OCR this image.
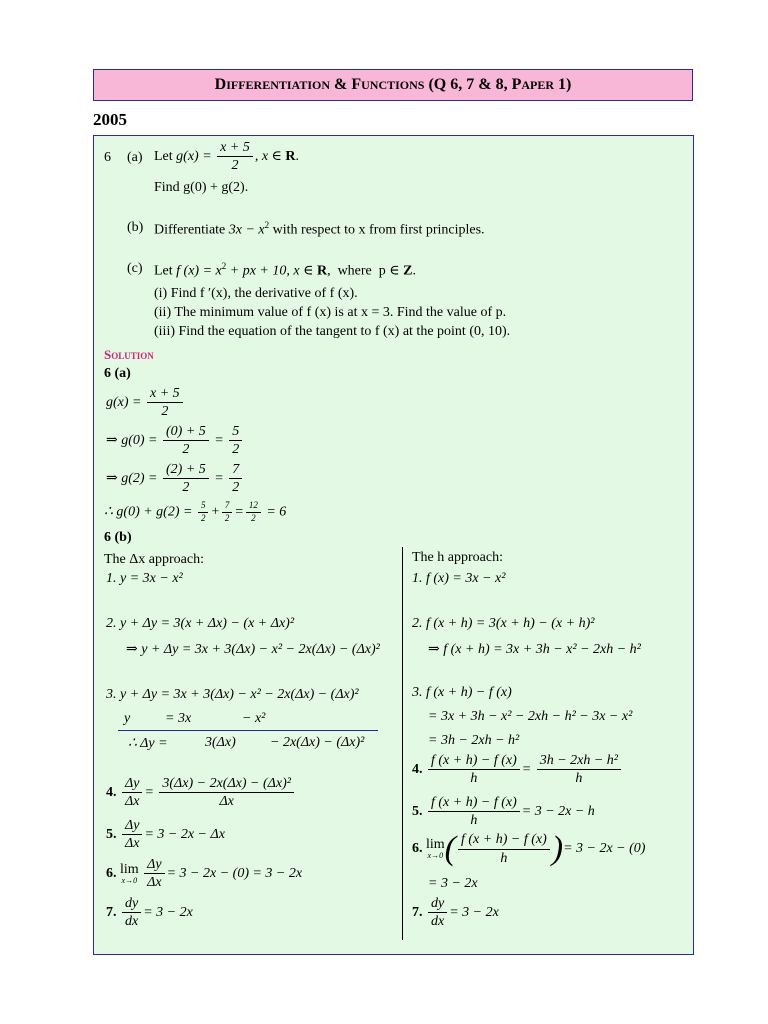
D IFFERENTIATION & F UNCTIONS (Q 6, 7 & 8, P APER 1)
2005
6 (a) Let $g(x) = \frac{x + 5}{2}$ , x ∈ R.
Find g(0) + g(2).
(b) Differentiate $3x - x^2$ with respect to x from first principles.
(c) Let f $(x) = x^2$ + px + 10, x ∈ R,  where  p ∈ Z.
(i) Find f ′(x), the derivative of f (x).
(ii) The minimum value of f (x) is at x = 3. Find the value of p.
(iii) Find the equation of the tangent to f (x) at the point (0, 10).
Solution
6 (a)
$g(x) = \frac{x + 5}{2}$
⇒ $g(0) = \frac{(0) + 5}{2} = \frac{5}{2}$
⇒ $g(2) = \frac{(2) + 5}{2} = \frac{7}{2}$
∴ $g(0) + g(2) = \frac{5}{2} + \frac{7}{2} = \frac{12}{2} = 6$
6 (b)
The Δx approach:
1. y = 3x − x²
2. y + Δy = 3(x + Δx) − (x + Δx)²
⇒ y + Δy = 3x + 3(Δx) − x² − 2x(Δx) − (Δx)²
3. y + Δy = 3x + 3(Δx) − x² − 2x(Δx) − (Δx)²
y = 3x	− x²
∴ Δy =	3(Δx) − 2x(Δx) − (Δx)²
4. $\frac{\Delta y}{\Delta x} = \frac{\text{3(Δx) − 2x(Δx) − (Δx)²}}{\Delta x}$
5. $\frac{\Delta y}{\Delta x} = 3 - 2x - \Delta x$
6. lim
x→0
$\frac{\Delta y}{\Delta x} = 3 - 2x - (0) = 3 - 2x$
7. $\frac{dy}{dx} = 3 - 2x$
The h approach:
1. f (x) = 3x − x²
2. f (x + h) = 3(x + h) − (x + h)²
⇒ f (x + h) = 3x + 3h − x² − 2xh − h²
3. f (x + h) − f (x)
= 3x + 3h − x² − 2xh − h² − 3x − x²
= 3h − 2xh − h²
4. $\frac{f (x + h) - f (x)}{h} = \frac{\text{3h − 2xh − h²}}{h}$
5. $\frac{f (x + h) - f (x)}{h} = 3 - 2x - h$
6. lim
x→0 ( $\frac{f (x + h) - f (x)}{h}$ )= 3 − 2x − (0)
= 3 − 2x
7. $\frac{dy}{dx} = 3 - 2x$
